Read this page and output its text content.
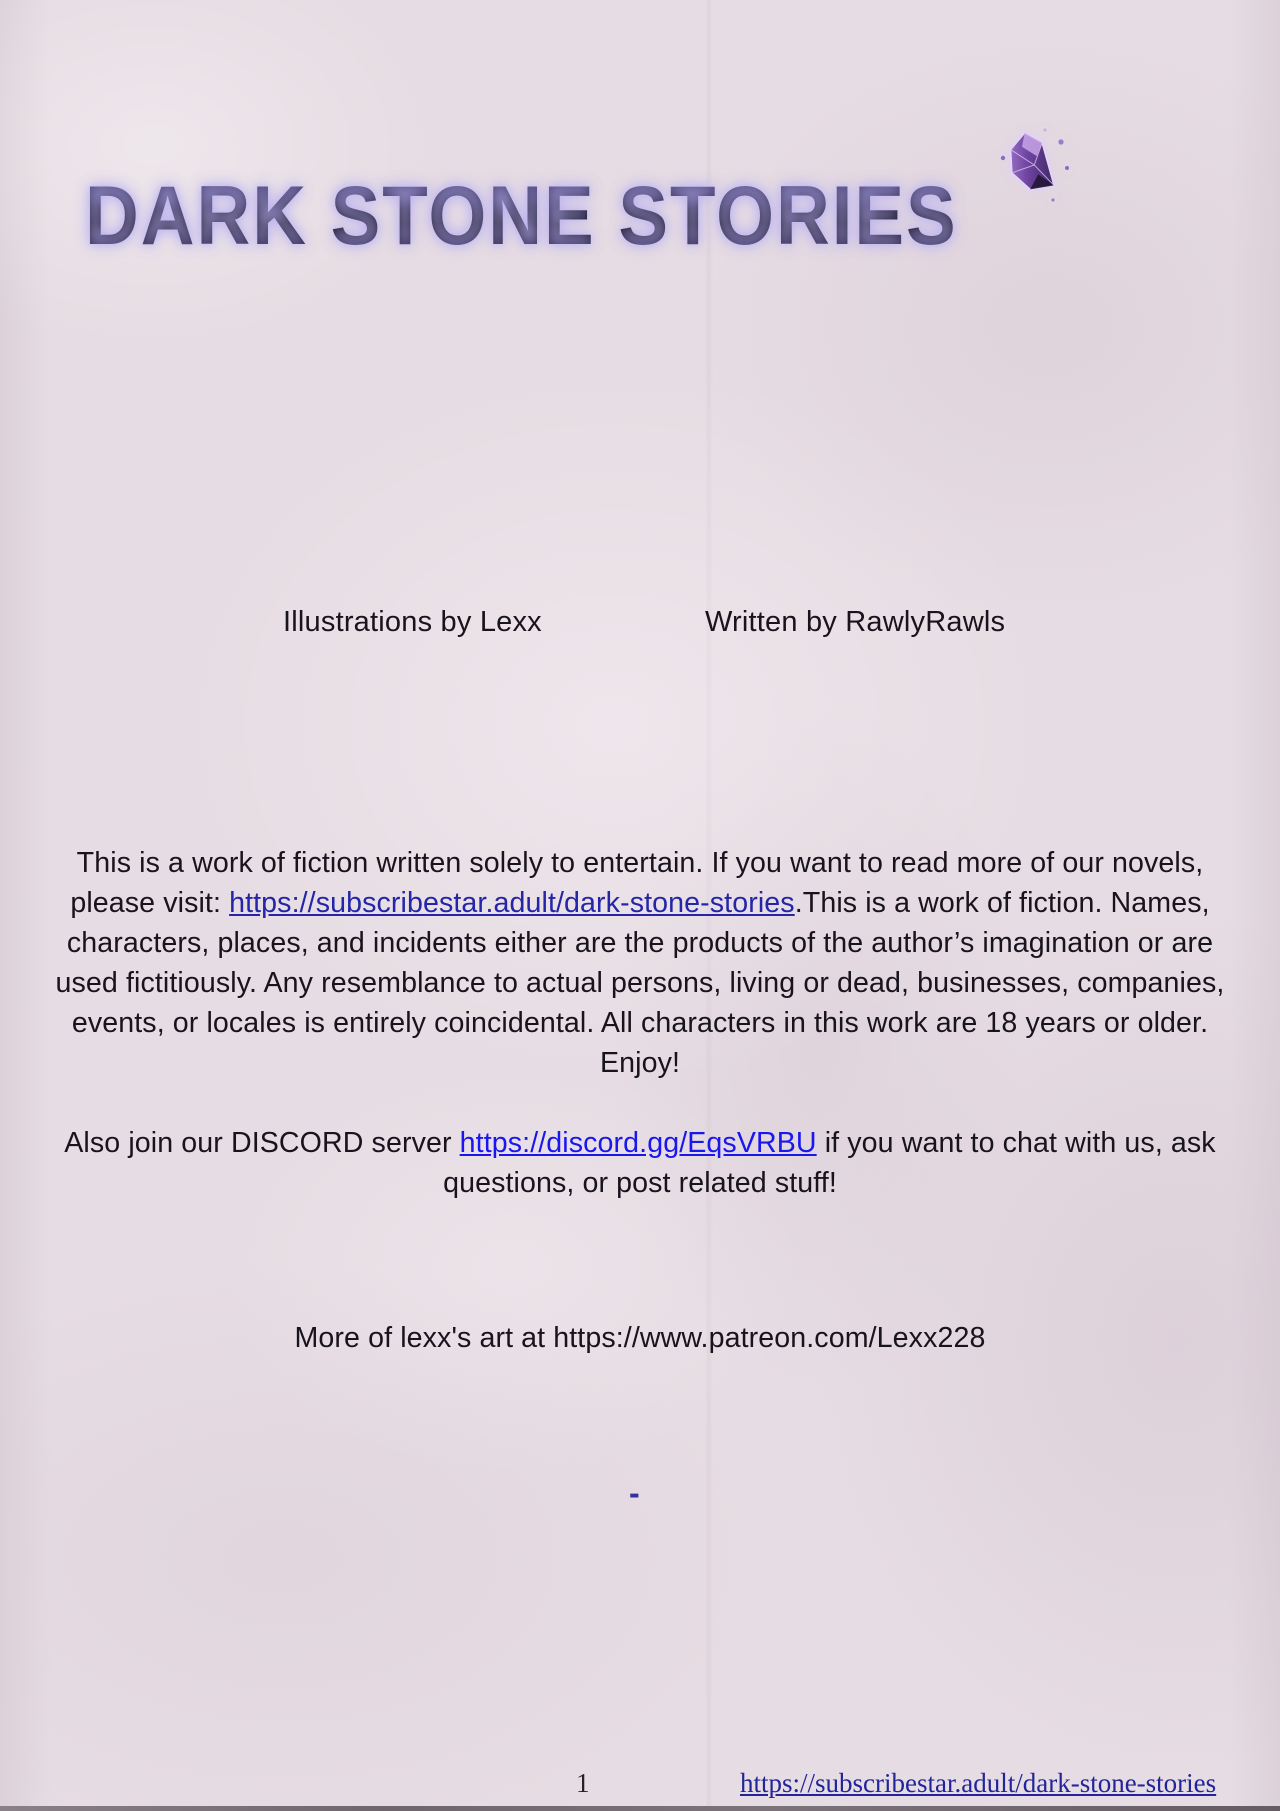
DARK STONE STORIES
Illustrations by Lexx	Written by RawlyRawls

This is a work of fiction written solely to entertain. If you want to read more of our novels, please visit: https://subscribestar.adult/dark-stone-stories.This is a work of fiction. Names, characters, places, and incidents either are the products of the author’s imagination or are used fictitiously. Any resemblance to actual persons, living or dead, businesses, companies, events, or locales is entirely coincidental. All characters in this work are 18 years or older. Enjoy!

Also join our DISCORD server https://discord.gg/EqsVRBU if you want to chat with us, ask questions, or post related stuff!

More of lexx's art at https://www.patreon.com/Lexx228

-
1	https://subscribestar.adult/dark-stone-stories
